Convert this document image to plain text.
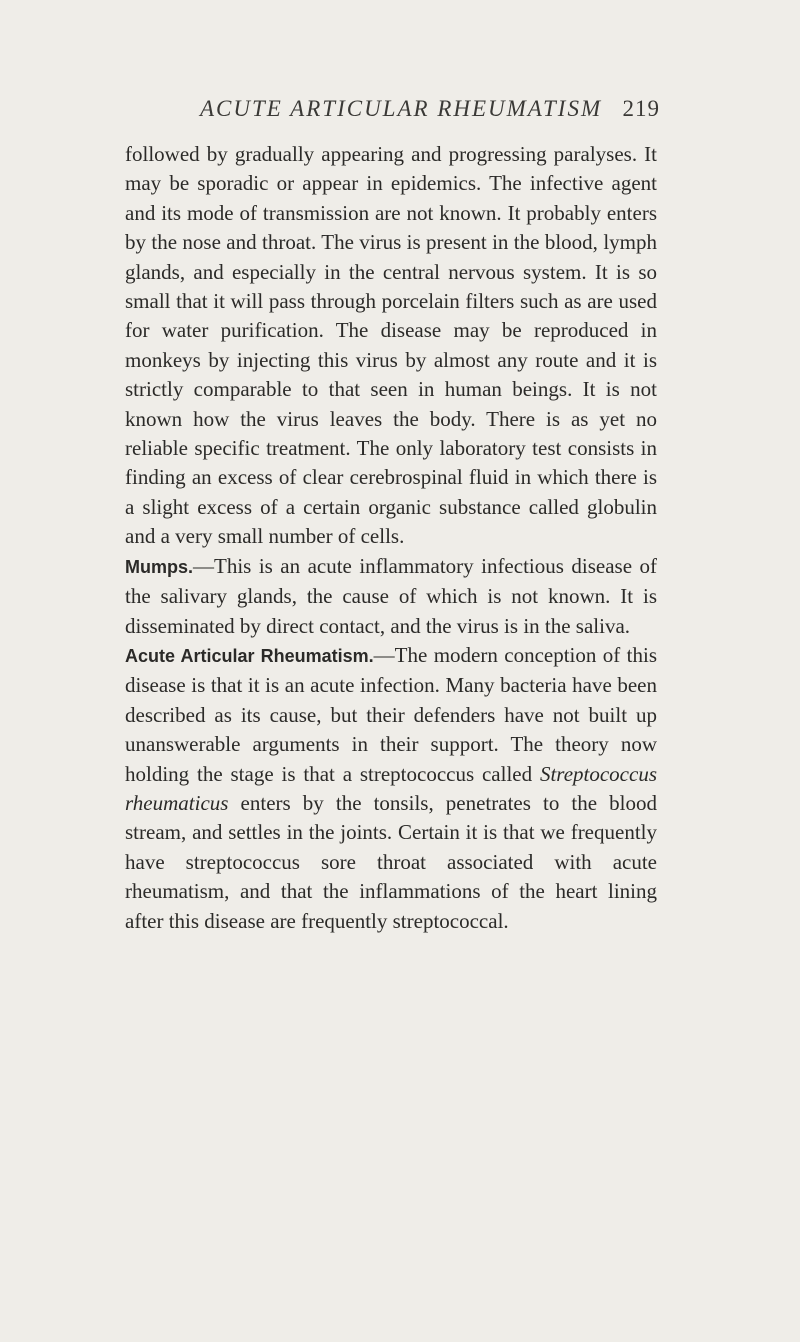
ACUTE ARTICULAR RHEUMATISM 219

followed by gradually appearing and progressing paralyses. It may be sporadic or appear in epidemics. The infective agent and its mode of transmission are not known. It probably enters by the nose and throat. The virus is present in the blood, lymph glands, and especially in the central nervous system. It is so small that it will pass through porcelain filters such as are used for water purification. The disease may be reproduced in monkeys by injecting this virus by almost any route and it is strictly comparable to that seen in human beings. It is not known how the virus leaves the body. There is as yet no reliable specific treatment. The only laboratory test consists in finding an excess of clear cerebrospinal fluid in which there is a slight excess of a certain organic substance called globulin and a very small number of cells.

Mumps.—This is an acute inflammatory infectious disease of the salivary glands, the cause of which is not known. It is disseminated by direct contact, and the virus is in the saliva.

Acute Articular Rheumatism.—The modern conception of this disease is that it is an acute infection. Many bacteria have been described as its cause, but their defenders have not built up unanswerable arguments in their support. The theory now holding the stage is that a streptococcus called Streptococcus rheumaticus enters by the tonsils, penetrates to the blood stream, and settles in the joints. Certain it is that we frequently have streptococcus sore throat associated with acute rheumatism, and that the inflammations of the heart lining after this disease are frequently streptococcal.
